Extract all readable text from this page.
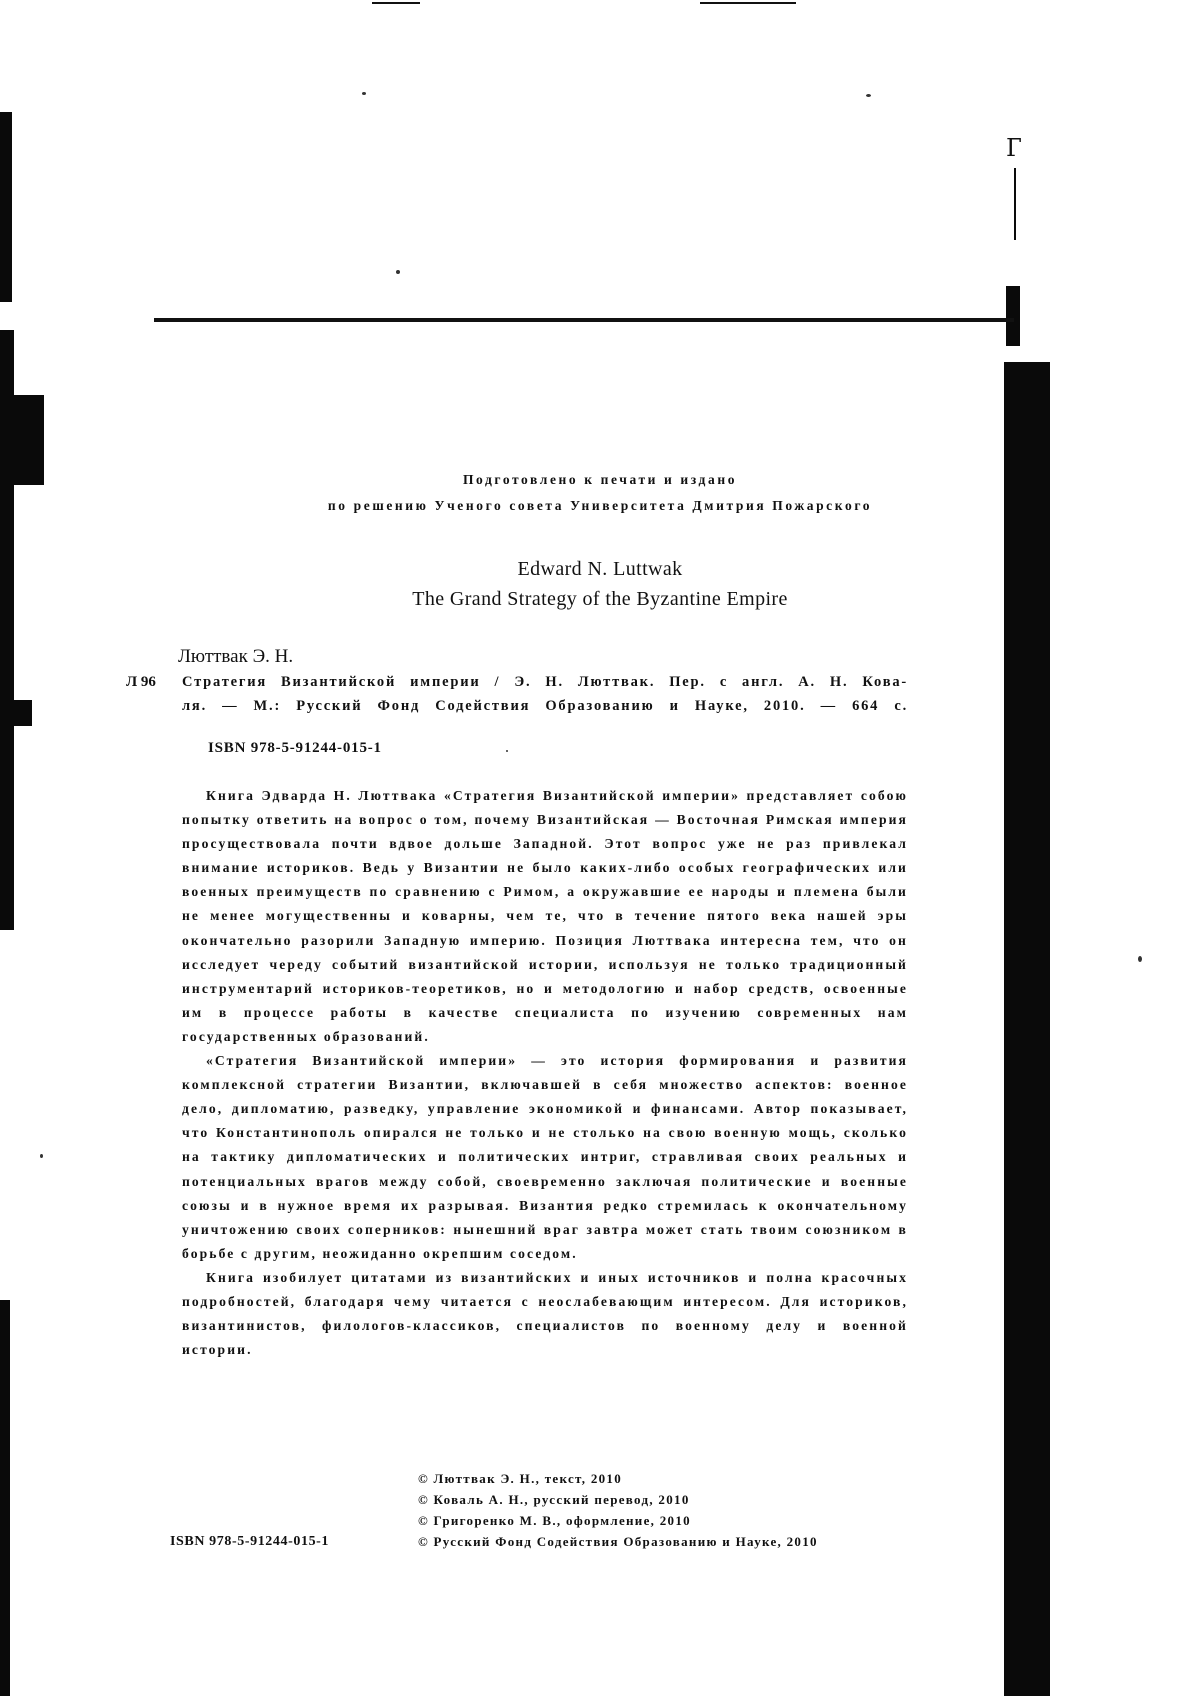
Г
Подготовлено к печати и издано
по решению Ученого совета Университета Дмитрия Пожарского
Edward N. Luttwak
The Grand Strategy of the Byzantine Empire
Люттвак Э. Н.
Л 96 Стратегия Византийской империи / Э. Н. Люттвак. Пер. с англ. А. Н. Кова-
ля. — М.: Русский Фонд Содействия Образованию и Науке, 2010. — 664 с.
ISBN 978-5-91244-015-1

Книга Эдварда Н. Люттвака «Стратегия Византийской империи» представляет собою попытку ответить на вопрос о том, почему Византийская — Восточная Римская империя просуществовала почти вдвое дольше Западной. Этот вопрос уже не раз привлекал внимание историков. Ведь у Византии не было каких-либо особых географических или военных преимуществ по сравнению с Римом, а окружавшие ее народы и племена были не менее могущественны и коварны, чем те, что в течение пятого века нашей эры окончательно разорили Западную империю. Позиция Люттвака интересна тем, что он исследует череду событий византийской истории, используя не только традиционный инструментарий историков-теоретиков, но и методологию и набор средств, освоенные им в процессе работы в качестве специалиста по изучению современных нам государственных образований.

«Стратегия Византийской империи» — это история формирования и развития комплексной стратегии Византии, включавшей в себя множество аспектов: военное дело, дипломатию, разведку, управление экономикой и финансами. Автор показывает, что Константинополь опирался не только и не столько на свою военную мощь, сколько на тактику дипломатических и политических интриг, стравливая своих реальных и потенциальных врагов между собой, своевременно заключая политические и военные союзы и в нужное время их разрывая. Византия редко стремилась к окончательному уничтожению своих соперников: нынешний враг завтра может стать твоим союзником в борьбе с другим, неожиданно окрепшим соседом.

Книга изобилует цитатами из византийских и иных источников и полна красочных подробностей, благодаря чему читается с неослабевающим интересом. Для историков, византинистов, филологов-классиков, специалистов по военному делу и военной истории.

© Люттвак Э. Н., текст, 2010
© Коваль А. Н., русский перевод, 2010
© Григоренко М. В., оформление, 2010
© Русский Фонд Содействия Образованию и Науке, 2010
ISBN 978-5-91244-015-1
